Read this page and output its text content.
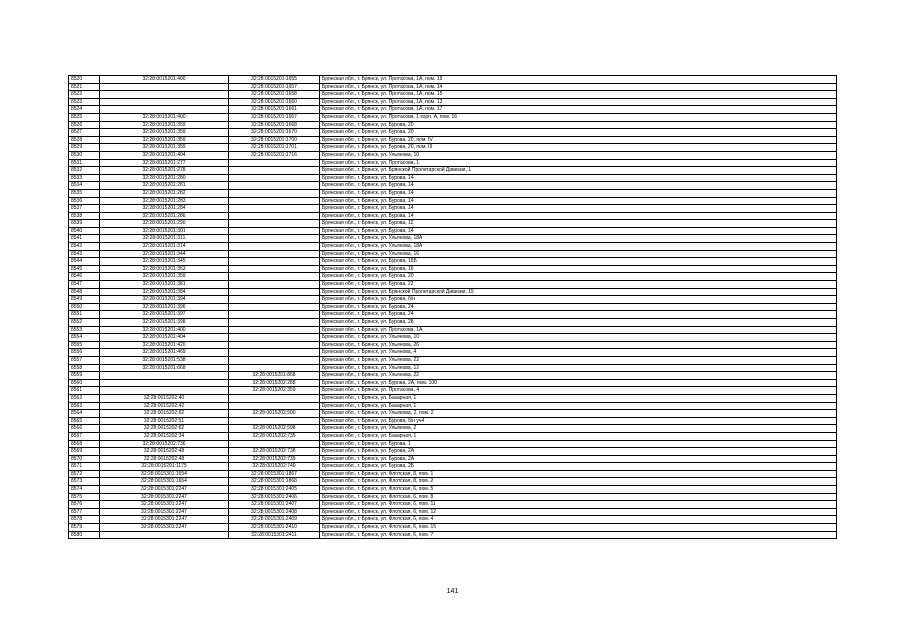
8520	32:28:0015201:400	32:28:0015201:1655	Брянская обл., г. Брянск, ул. Протасова, 1А, пом. 19
8521		32:28:0015201:1657	Брянская обл., г. Брянск, ул. Протасова, 1А, пом. 14
8522		32:28:0015201:1658	Брянская обл., г. Брянск, ул. Протасова, 1А, пом. 15
8523		32:28:0015201:1660	Брянская обл., г. Брянск, ул. Протасова, 1А, пом. 13
8524		32:28:0015201:1661	Брянская обл., г. Брянск, ул. Протасова, 1А, пом. 17
8525	32:28:0015201:400	32:28:0015201:1667	Брянская обл., г. Брянск, ул. Протасова, 1 корп. А, пом. 16
8526	32:28:0015201:359	32:28:0015201:1668	Брянская обл., г. Брянск, ул. Бурова, 20
8527	32:28:0015201:359	32:28:0015201:1670	Брянская обл., г. Брянск, ул. Бурова, 20
8528	32:28:0015201:359	32:28:0015201:1700	Брянская обл., г. Брянск, ул. Бурова, 20, пом. IV
8529	32:28:0015201:359	32:28:0015201:1701	Брянская обл., г. Брянск, ул. Бурова, 20, пом. III
8530	32:28:0015201:404	32:28:0015201:1716	Брянская обл., г. Брянск, ул. Ульянова, 10
8531	32:28:0015201:277		Брянская обл., г. Брянск, ул. Протасова, 1
8532	32:28:0015201:278		Брянская обл., г. Брянск, ул. Брянской Пролетарской Дивизии, 1
8533	32:28:0015201:280		Брянская обл., г. Брянск, ул. Бурова, 14
8534	32:28:0015201:281		Брянская обл., г. Брянск, ул. Бурова, 14
8535	32:28:0015201:282		Брянская обл., г. Брянск, ул. Бурова, 14
8536	32:28:0015201:283		Брянская обл., г. Брянск, ул. Бурова, 14
8537	32:28:0015201:284		Брянская обл., г. Брянск, ул. Бурова, 14
8538	32:28:0015201:286		Брянская обл., г. Брянск, ул. Бурова, 14
8539	32:28:0015201:290		Брянская обл., г. Брянск, ул. Бурова, 12
8540	32:28:0015201:301		Брянская обл., г. Брянск, ул. Бурова, 14
8541	32:28:0015201:311		Брянская обл., г. Брянск, ул. Ульянова, 18А
8542	32:28:0015201:314		Брянская обл., г. Брянск, ул. Ульянова, 18А
8543	32:28:0015201:344		Брянская обл., г. Брянск, ул. Ульянова, 16
8544	32:28:0015201:345		Брянская обл., г. Брянск, ул. Бурова, 16Б
8545	32:28:0015201:353		Брянская обл., г. Брянск, ул. Бурова, 16
8546	32:28:0015201:359		Брянская обл., г. Брянск, ул. Бурова, 20
8547	32:28:0015201:381		Брянская обл., г. Брянск, ул. Бурова, 22
8548	32:28:0015201:384		Брянская обл., г. Брянск, ул. Брянской Пролетарской Дивизии, 15
8549	32:28:0015201:394		Брянская обл., г. Брянск, ул. Бурова, б/н
8550	32:28:0015201:396		Брянская обл., г. Брянск, ул. Бурова, 24
8551	32:28:0015201:397		Брянская обл., г. Брянск, ул. Бурова, 24
8552	32:28:0015201:398		Брянская обл., г. Брянск, ул. Бурова, 28
8553	32:28:0015201:400		Брянская обл., г. Брянск, ул. Протасова, 1А
8554	32:28:0015201:404		Брянская обл., г. Брянск, ул. Ульянова, 10
8555	32:28:0015201:420		Брянская обл., г. Брянск, ул. Ульянова, 26
8556	32:28:0015201:469		Брянская обл., г. Брянск, ул. Ульянова, 4
8557	32:28:0015201:538		Брянская обл., г. Брянск, ул. Ульянова, 22
8558	32:28:0015201:668		Брянская обл., г. Брянск, ул. Ульянова, 12
8559		32:28:0015201:868	Брянская обл., г. Брянск, ул. Ульянова, 22
8560		32:28:0015202:288	Брянская обл., г. Брянск, ул. Бурова, 2А, пом. 100
8561		32:28:0015202:359	Брянская обл., г. Брянск, ул. Протасова, 4
8562	32:28:0015202:40		Брянская обл., г. Брянск, ул. Базарная, 1
8563	32:28:0015202:42		Брянская обл., г. Брянск, ул. Базарная, 1
8564	32:28:0015202:62	32:28:0015202:500	Брянская обл., г. Брянск, ул. Ульянова, 2, пом. 2
8565	32:28:0015202:51		Брянская обл., г. Брянск, ул. Бурова, б/н уч4
8566	32:28:0015202:62	32:28:0015202:598	Брянская обл., г. Брянск, ул. Ульянова, 2
8567	32:28:0015202:34	32:28:0015202:735	Брянская обл., г. Брянск, ул. Базарная, 1
8568	32:28:0015202:736		Брянская обл., г. Брянск, ул. Бурова, 1
8569	32:28:0015202:48	32:28:0015202:738	Брянская обл., г. Брянск, ул. Бурова, 2А
8570	32:28:0015202:48	32:28:0015202:739	Брянская обл., г. Брянск, ул. Бурова, 2А
8571	32:28:0015201:1175	32:28:0015202:740	Брянская обл., г. Брянск, ул. Бурова, 2Б
8572	32:28:0015301:1654	32:28:0015301:1867	Брянская обл., г. Брянск, ул. Флотская, 8, пом. 1
8573	32:28:0015301:1654	32:28:0015301:1868	Брянская обл., г. Брянск, ул. Флотская, 8, пом. 2
8574	32:28:0015301:2247	32:28:0015301:2405	Брянская обл., г. Брянск, ул. Флотская, 6, пом. 5
8575	32:28:0015301:2247	32:28:0015301:2406	Брянская обл., г. Брянск, ул. Флотская, 6, пом. 8
8576	32:28:0015301:2247	32:28:0015301:2407	Брянская обл., г. Брянск, ул. Флотская, 6, пом. 11
8577	32:28:0015301:2247	32:28:0015301:2408	Брянская обл., г. Брянск, ул. Флотская, 6, пом. 12
8578	32:28:0015301:2247	32:28:0015301:2409	Брянская обл., г. Брянск, ул. Флотская, 6, пом. 4
8579	32:28:0015301:2247	32:28:0015301:2410	Брянская обл., г. Брянск, ул. Флотская, 6, пом. 15
8580		32:28:0015301:2411	Брянская обл., г. Брянск, ул. Флотская, 6, пом. 7
141
